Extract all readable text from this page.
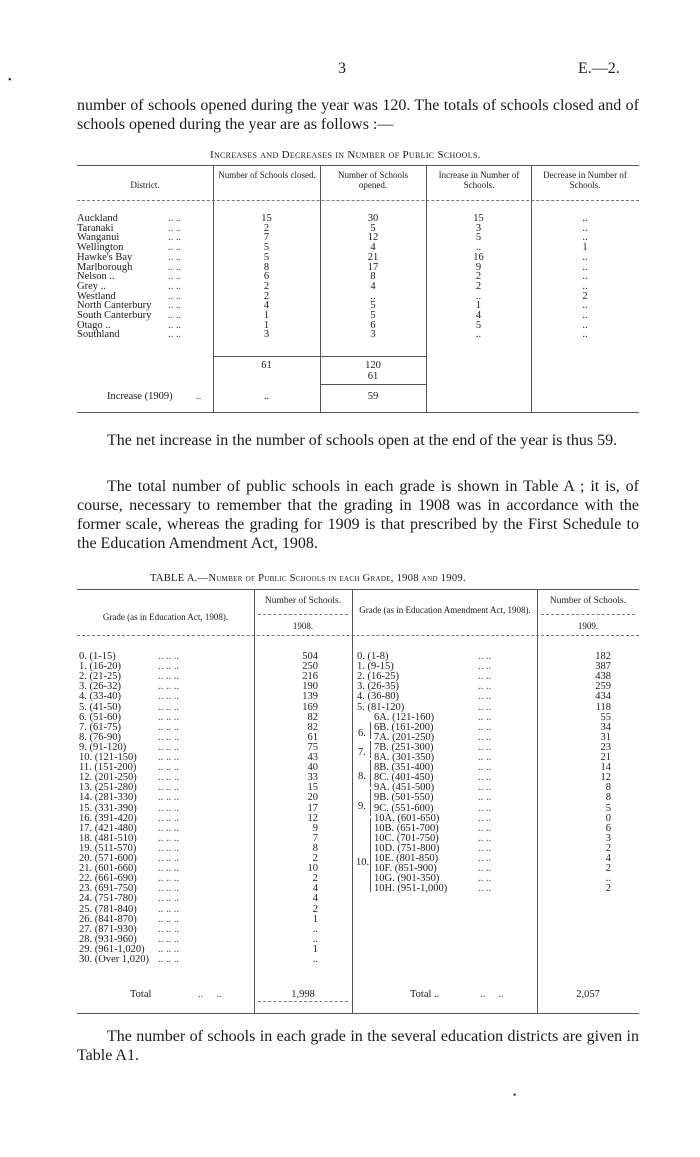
3	E.—2.
•
number of schools opened during the year was 120. The totals of schools closed and of schools opened during the year are as follows :—
Increases and Decreases in Number of Public Schools.
District.
Number of Schools closed.	Number of Schools opened.
Increase in Number of Schools.
Decrease in Number of Schools.
Auckland	.. ..	15	30	15	..
Taranaki	.. ..	2	5	3	..
Wanganui	.. ..	7	12	5	..
Wellington	.. ..	5	4	..	1
Hawke's Bay	.. ..	5	21	16	..
Marlborough	.. ..	8	17	9	..
Nelson ..	.. ..	6	8	2	..
Grey ..	.. ..	2	4	2	..
Westland	.. ..	2	..	..	2
North Canterbury .. ..	4	5	1	..
South Canterbury .. ..	1	5	4	..
Otago ..	.. ..	1	6	5	..
Southland	.. ..	3	3	..	..
61	120
61
Increase (1909) ..	..	59
The net increase in the number of schools open at the end of the year is thus 59.
The total number of public schools in each grade is shown in Table A ; it is, of course, necessary to remember that the grading in 1908 was in accordance with the former scale, whereas the grading for 1909 is that prescribed by the First Schedule to the Education Amendment Act, 1908.
TABLE A.—Number of Public Schools in each Grade, 1908 and 1909.
Grade (as in Education Act, 1908).
Number of Schools.
1908.
Grade (as in Education Amendment Act, 1908).
Number of Schools.
1909.
0. (1-15)	.. .. ..	504
1. (16-20)	.. .. ..	250
2. (21-25)	.. .. ..	216
3. (26-32)	.. .. ..	190
4. (33-40)	.. .. ..	139
5. (41-50)	.. .. ..	169
6. (51-60)	.. .. ..	82
7. (61-75)	.. .. ..	82
8. (76-90)	.. .. ..	61
9. (91-120)	.. .. ..	75
10. (121-150) .. .. ..	43
11. (151-200) .. .. ..	40
12. (201-250) .. .. ..	33
13. (251-280) .. .. ..	15
14. (281-330) .. .. ..	20
15. (331-390) .. .. ..	17
16. (391-420) .. .. ..	12
17. (421-480) .. .. ..	9
18. (481-510) .. .. ..	7
19. (511-570) .. .. ..	8
20. (571-600) .. .. ..	2
21. (601-660) .. .. ..	10
22. (661-690) .. .. ..	2
23. (691-750) .. .. ..	4
24. (751-780) .. .. ..	4
25. (781-840) .. .. ..	2
26. (841-870) .. .. ..	1
27. (871-930) .. .. ..	..
28. (931-960) .. .. ..	..
29. (961-1,020) .. .. ..	1
30. (Over 1,020) .. .. ..	..
0. (1-8)	.. ..	182
1. (9-15)	.. ..	387
2. (16-25)	.. ..	438
3. (26-35)	.. ..	259
4. (36-80)	.. ..	434
5. (81-120)	.. ..	118
6A. (121-160)	.. ..	55
6B. (161-200)	.. ..	34
7A. (201-250)	.. ..	31
7B. (251-300)	.. ..	23
8A. (301-350)	.. ..	21
8B. (351-400)	.. ..	14
8C. (401-450)	.. ..	12
9A. (451-500)	.. ..	8
9B. (501-550)	.. ..	8
9C. (551-600)	.. ..	5
10A. (601-650)	.. ..	0
10B. (651-700)	.. ..	6
10C. (701-750)	.. ..	3
10D. (751-800)	.. ..	2
10E. (801-850)	.. ..	4
10F. (851-900)	.. ..	2
10G. (901-350)	.. ..	..
10H. (951-1,000)	.. ..	2
6.
7.
8.
9.
10.
Total	..     ..	1,998	Total ..	..     ..	2,057
The number of schools in each grade in the several education districts are given in Table A1.
•
